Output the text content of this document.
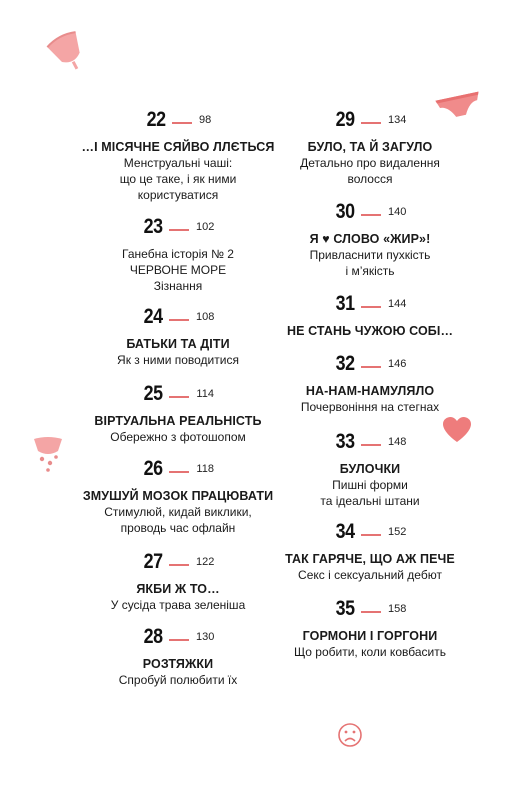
22	98
…І МІСЯЧНЕ СЯЙВО ЛЛЄТЬСЯ
Менструальні чаші:
що це таке, і як ними
користуватися
23	102
Ганебна історія № 2
ЧЕРВОНЕ МОРЕ
Зізнання
24	108
БАТЬКИ ТА ДІТИ
Як з ними поводитися
25	114
ВІРТУАЛЬНА РЕАЛЬНІСТЬ
Обережно з фотошопом
26	118
ЗМУШУЙ МОЗОК ПРАЦЮВАТИ
Стимулюй, кидай виклики,
проводь час офлайн
27	122
ЯКБИ Ж ТО…
У сусіда трава зеленіша
28	130
РОЗТЯЖКИ
Спробуй полюбити їх
29	134
БУЛО, ТА Й ЗАГУЛО
Детально про видалення
волосся
30	140
Я ♥ СЛОВО «ЖИР»!
Привласнити пухкість
і м’якість
31	144
НЕ СТАНЬ ЧУЖОЮ СОБІ…
32	146
НА-НАМ-НАМУЛЯЛО
Почервоніння на стегнах
33	148
БУЛОЧКИ
Пишні форми
та ідеальні штани
34	152
ТАК ГАРЯЧЕ, ЩО АЖ ПЕЧЕ
Секс і сексуальний дебют
35	158
ГОРМОНИ І ГОРГОНИ
Що робити, коли ковбасить
